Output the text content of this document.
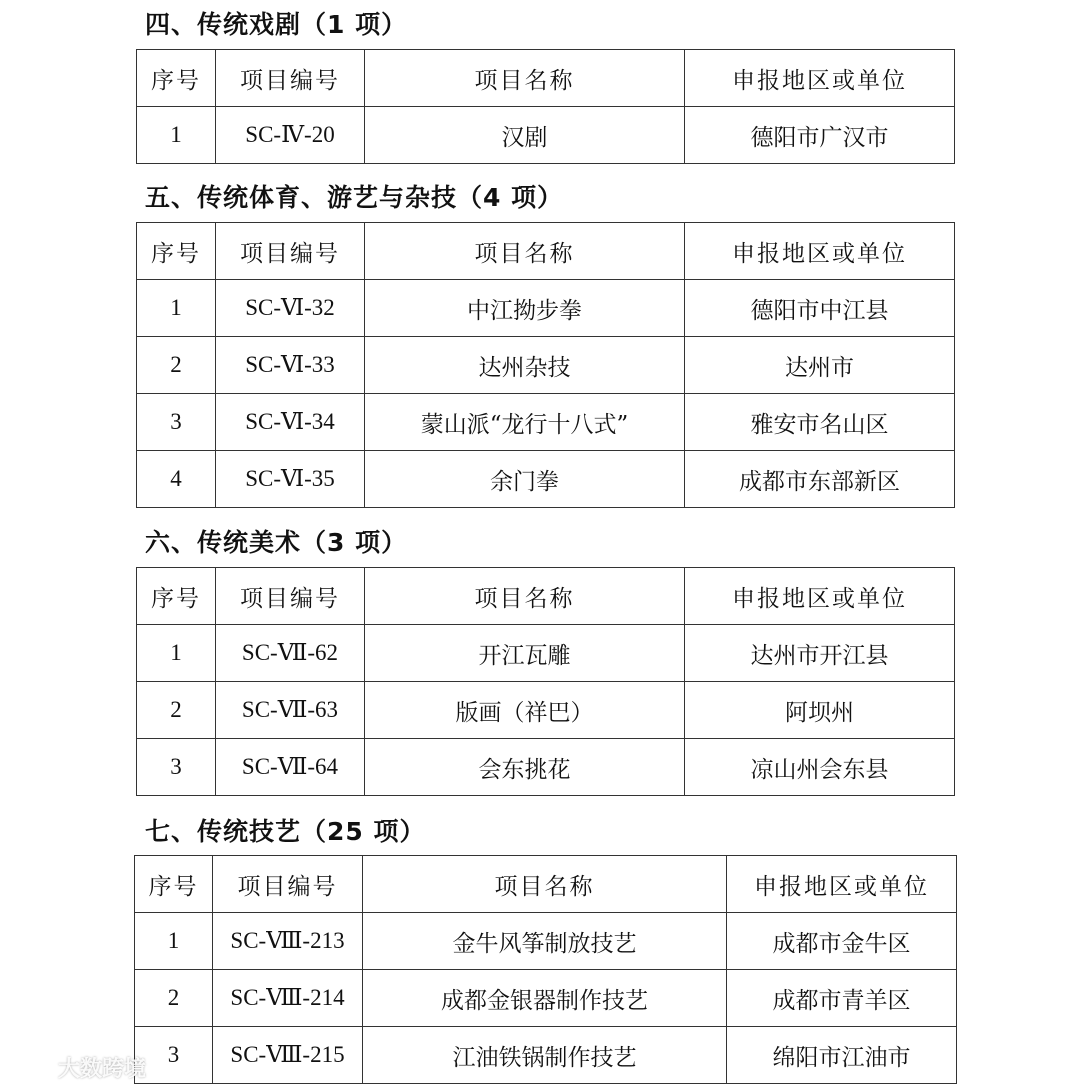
四、传统戏剧（1 项）
序号	项目编号	项目名称	申报地区或单位
1	SC-Ⅳ-20	汉剧	德阳市广汉市
五、传统体育、游艺与杂技（4 项）
序号	项目编号	项目名称	申报地区或单位
1	SC-Ⅵ-32	中江拗步拳	德阳市中江县
2	SC-Ⅵ-33	达州杂技	达州市
3	SC-Ⅵ-34	蒙山派“龙行十八式”	雅安市名山区
4	SC-Ⅵ-35	余门拳	成都市东部新区
六、传统美术（3 项）
序号	项目编号	项目名称	申报地区或单位
1	SC-Ⅶ-62	开江瓦雕	达州市开江县
2	SC-Ⅶ-63	版画（祥巴）	阿坝州
3	SC-Ⅶ-64	会东挑花	凉山州会东县
七、传统技艺（25 项）
序号	项目编号	项目名称	申报地区或单位
1	SC-Ⅷ-213	金牛风筝制放技艺	成都市金牛区
2	SC-Ⅷ-214	成都金银器制作技艺	成都市青羊区
3	SC-Ⅷ-215	江油铁锅制作技艺	绵阳市江油市
大数跨境
